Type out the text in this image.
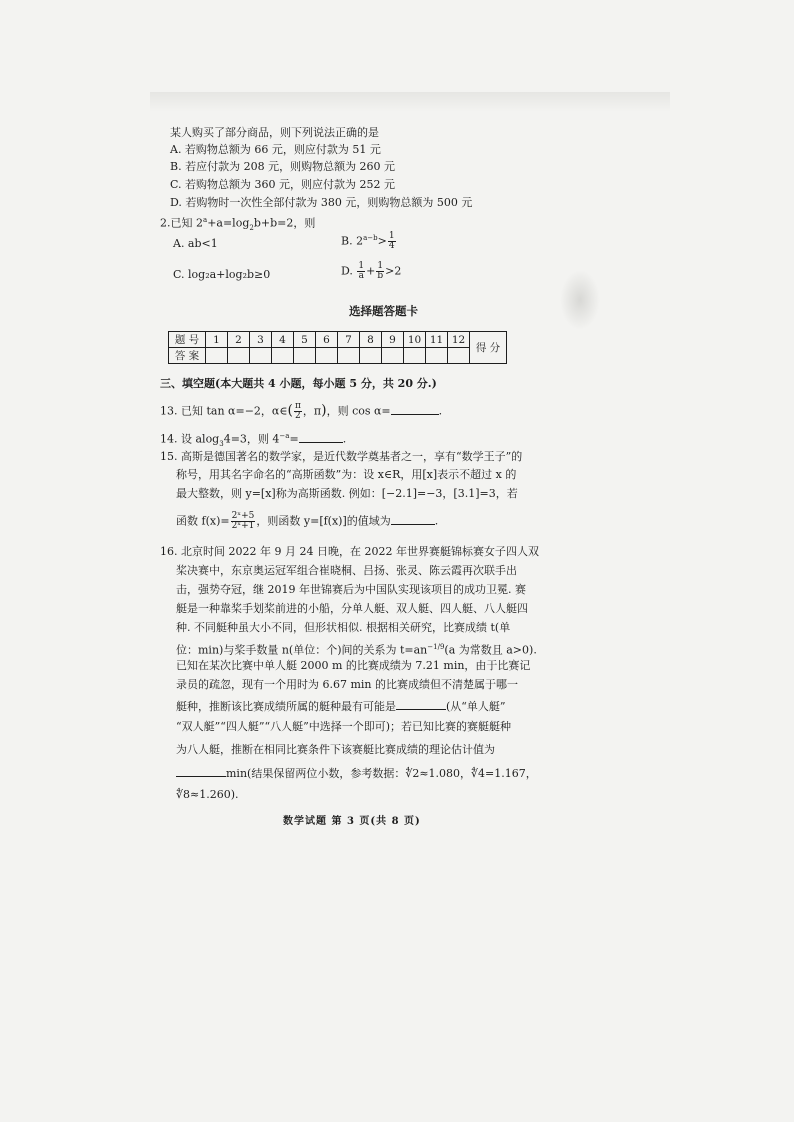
某人购买了部分商品，则下列说法正确的是
A. 若购物总额为 66 元，则应付款为 51 元
B. 若应付款为 208 元，则购物总额为 260 元
C. 若购物总额为 360 元，则应付款为 252 元
D. 若购物时一次性全部付款为 380 元，则购物总额为 500 元
2.已知 $2^a+a=\log_2b+b=2$，则
A. ab<1	B. $2^{a-b}> \frac{1}{4}$
C. log₂a+log₂b≥0	D. $\frac{1}{a} + \frac{1}{b} >2$
选择题答题卡
题 号	1	2	3	4	5	6	7	8	9	10	11	12	得 分
答 案													
三、填空题(本大题共 4 小题，每小题 5 分，共 20 分.)
13. 已知 tan α=−2，α∈( $\frac{\pi}{2}$ ，π)，则 cos α=	.
14. 设 alog$_3$4=3，则 $4^{-a}=$	.
15. 高斯是德国著名的数学家，是近代数学奠基者之一，享有“数学王子”的
称号，用其名字命名的“高斯函数”为：设 x∈R，用[x]表示不超过 x 的
最大整数，则 y=[x]称为高斯函数. 例如：[−2.1]=−3，[3.1]=3，若
函数 $f(x)= \frac{\text{2ˣ+5}}{\text{2ˣ+1}}$ ，则函数 y=[f(x)]的值域为	.
16. 北京时间 2022 年 9 月 24 日晚，在 2022 年世界赛艇锦标赛女子四人双
桨决赛中，东京奥运冠军组合崔晓桐、吕扬、张灵、陈云霞再次联手出
击，强势夺冠，继 2019 年世锦赛后为中国队实现该项目的成功卫冕. 赛
艇是一种靠桨手划桨前进的小船，分单人艇、双人艇、四人艇、八人艇四
种. 不同艇种虽大小不同，但形状相似. 根据相关研究，比赛成绩 t(单
位：min)与桨手数量 n(单位：个)间的关系为 $t=an^{-1/9}(a$ 为常数且 a>0).
已知在某次比赛中单人艇 2000 m 的比赛成绩为 7.21 min，由于比赛记
录员的疏忽，现有一个用时为 6.67 min 的比赛成绩但不清楚属于哪一
艇种，推断该比赛成绩所属的艇种最有可能是	(从“单人艇”
“双人艇”“四人艇”“八人艇”中选择一个即可)；若已知比赛的赛艇艇种
为八人艇，推断在相同比赛条件下该赛艇比赛成绩的理论估计值为
min(结果保留两位小数，参考数据：∜2≈1.080，∜4=1.167，
∜8≈1.260).
数学试题 第 3 页(共 8 页)
